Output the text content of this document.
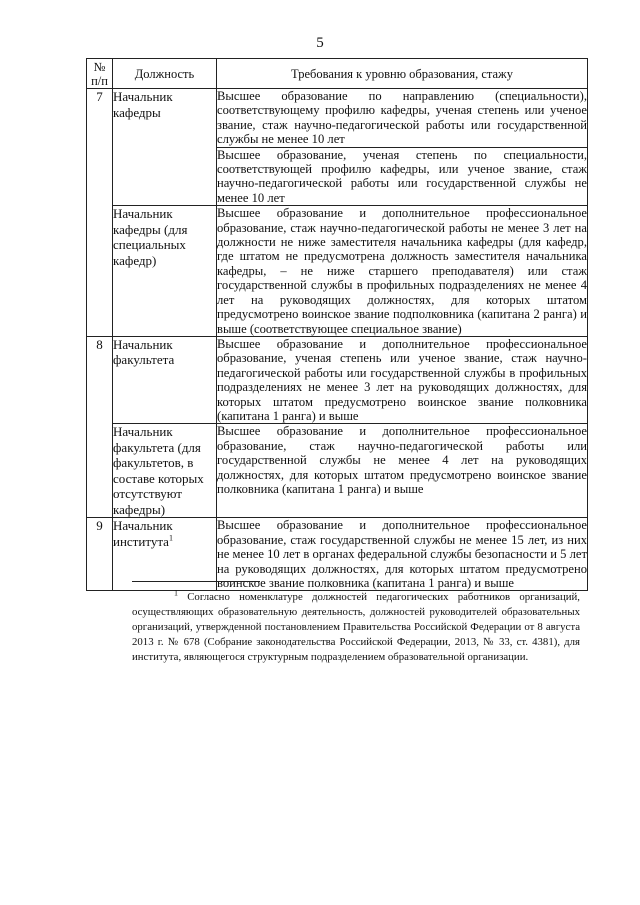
5
№ п/п	Должность	Требования к уровню образования, стажу
7	Начальник кафедры	Высшее образование по направлению (специальности), соответствующему профилю кафедры, ученая степень или ученое звание, стаж научно-педагогической работы или государственной службы не менее 10 лет
		Высшее образование, ученая степень по специальности, соответствующей профилю кафедры, или ученое звание, стаж научно-педагогической работы или государственной службы не менее 10 лет
	Начальник кафедры (для специальных кафедр)	Высшее образование и дополнительное профессиональное образование, стаж научно-педагогической работы не менее 3 лет на должности не ниже заместителя начальника кафедры (для кафедр, где штатом не предусмотрена должность заместителя начальника кафедры, – не ниже старшего преподавателя) или стаж государственной службы в профильных подразделениях не менее 4 лет на руководящих должностях, для которых штатом предусмотрено воинское звание подполковника (капитана 2 ранга) и выше (соответствующее специальное звание)
8	Начальник факультета	Высшее образование и дополнительное профессиональное образование, ученая степень или ученое звание, стаж научно-педагогической работы или государственной службы в профильных подразделениях не менее 3 лет на руководящих должностях, для которых штатом предусмотрено воинское звание полковника (капитана 1 ранга) и выше
	Начальник факультета (для факультетов, в составе которых отсутствуют кафедры)	Высшее образование и дополнительное профессиональное образование, стаж научно-педагогической работы или государственной службы не менее 4 лет на руководящих должностях, для которых штатом предусмотрено воинское звание полковника (капитана 1 ранга) и выше
9	Начальник института$^1$	Высшее образование и дополнительное профессиональное образование, стаж государственной службы не менее 15 лет, из них не менее 10 лет в органах федеральной службы безопасности и 5 лет на руководящих должностях, для которых штатом предусмотрено воинское звание полковника (капитана 1 ранга) и выше
$^1$ Согласно номенклатуре должностей педагогических работников организаций, осуществляющих образовательную деятельность, должностей руководителей образовательных организаций, утвержденной постановлением Правительства Российской Федерации от 8 августа 2013 г. № 678 (Собрание законодательства Российской Федерации, 2013, № 33, ст. 4381), для института, являющегося структурным подразделением образовательной организации.
